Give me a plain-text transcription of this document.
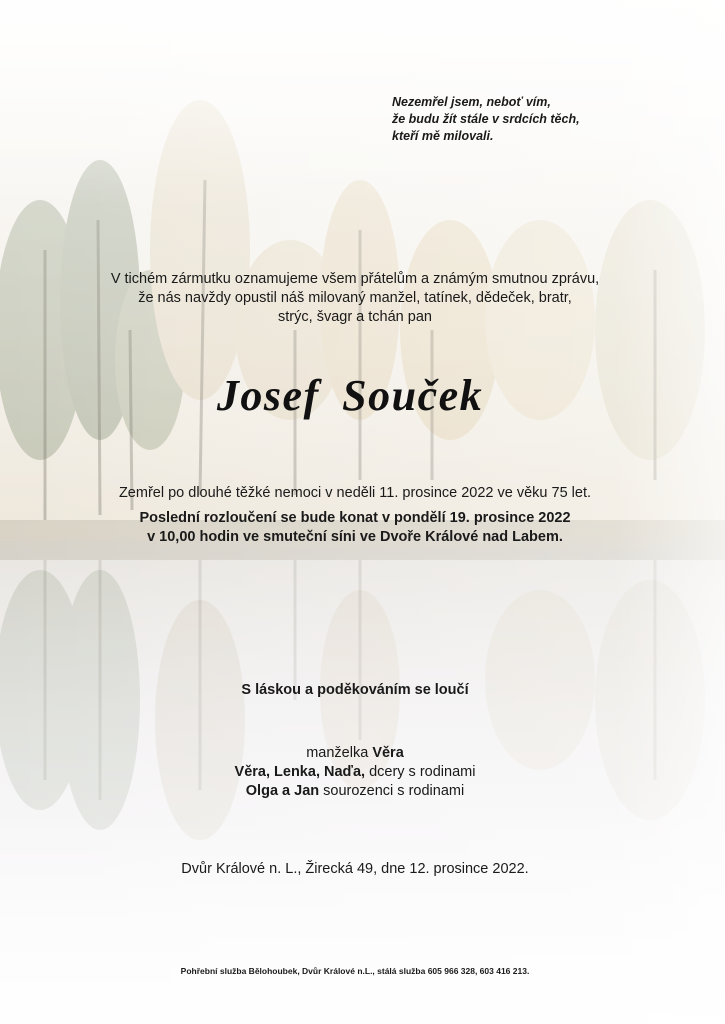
Nezemřel jsem, neboť vím,
že budu žít stále v srdcích těch,
kteří mě milovali.
V tichém zármutku oznamujeme všem přátelům a známým smutnou zprávu,
že nás navždy opustil náš milovaný manžel, tatínek, dědeček, bratr,
strýc, švagr a tchán pan
Josef Souček
Zemřel po dlouhé těžké nemoci v neděli 11. prosince 2022 ve věku 75 let.
Poslední rozloučení se bude konat v pondělí 19. prosince 2022
v 10,00 hodin ve smuteční síni ve Dvoře Králové nad Labem.
S láskou a poděkováním se loučí
manželka Věra
Věra, Lenka, Naďa, dcery s rodinami
Olga a Jan sourozenci s rodinami
Dvůr Králové n. L., Žirecká 49, dne 12. prosince 2022.
Pohřební služba Bělohoubek, Dvůr Králové n.L., stálá služba 605 966 328, 603 416 213.
